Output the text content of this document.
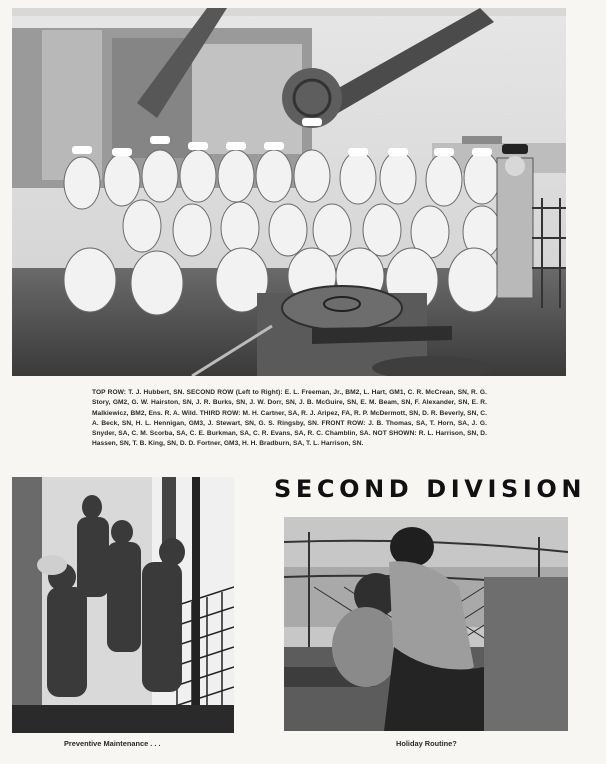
TOP ROW: T. J. Hubbert, SN. SECOND ROW (Left to Right): E. L. Freeman, Jr., BM2, L. Hart, GM1, C. R. McCrean, SN, R. G. Story, GM2, G. W. Hairston, SN, J. R. Burks, SN, J. W. Dorr, SN, J. B. McGuire, SN, E. M. Beam, SN, F. Alexander, SN, E. R. Malkiewicz, BM2, Ens. R. A. Wild. THIRD ROW: M. H. Cartner, SA, R. J. Aripez, FA, R. P. McDermott, SN, D. R. Beverly, SN, C. A. Beck, SN, H. L. Hennigan, GM3, J. Stewart, SN, G. S. Ringsby, SN. FRONT ROW: J. B. Thomas, SA, T. Horn, SA, J. G. Snyder, SA, C. M. Scorba, SA, C. E. Burkman, SA, C. R. Evans, SA, R. C. Chamblin, SA. NOT SHOWN: R. L. Harrison, SN, D. Hassen, SN, T. B. King, SN, D. D. Fortner, GM3, H. H. Bradburn, SA, T. L. Harrison, SN.
SECOND DIVISION
Preventive Maintenance . . .	Holiday Routine?
